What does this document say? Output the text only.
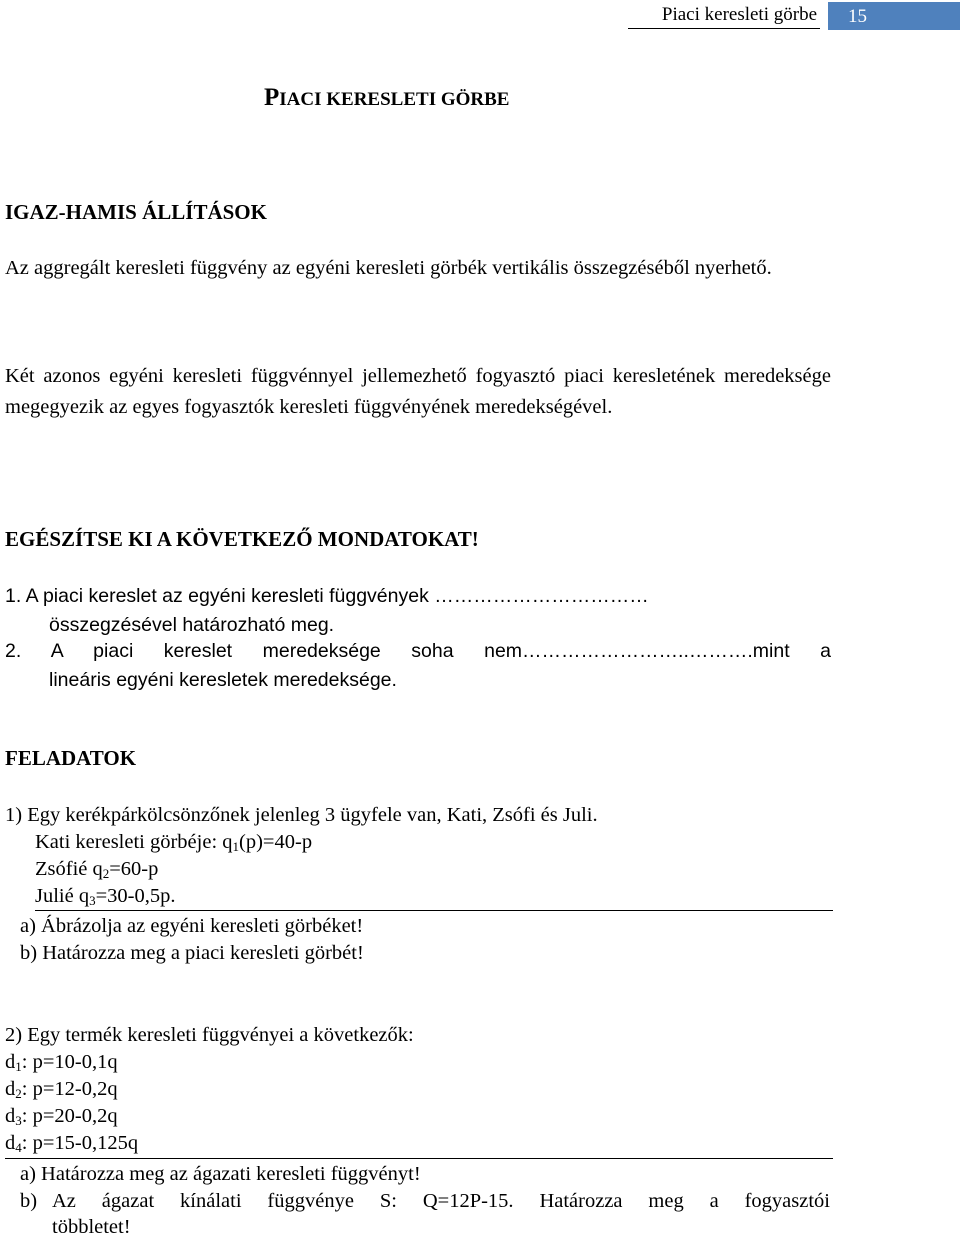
Piaci keresleti görbe	15
PIACI KERESLETI GÖRBE
IGAZ-HAMIS ÁLLÍTÁSOK
Az aggregált keresleti függvény az egyéni keresleti görbék vertikális összegzéséből nyerhető.
Két azonos egyéni keresleti függvénnyel jellemezhető fogyasztó piaci keresletének meredeksége megegyezik az egyes fogyasztók keresleti függvényének meredekségével.
EGÉSZÍTSE KI A KÖVETKEZŐ MONDATOKAT!
1. A piaci kereslet az egyéni keresleti függvények ……………………………
összegzésével határozható meg.
2. A piaci kereslet meredeksége soha nem……………………..……….mint a
lineáris egyéni keresletek meredeksége.
FELADATOK
1) Egy kerékpárkölcsönzőnek jelenleg 3 ügyfele van, Kati, Zsófi és Juli.
Kati keresleti görbéje: $q_1(p)=40-p$
Zsófié $q_2=60-p$
Julié $q_3=30-0,5p$.
a) Ábrázolja az egyéni keresleti görbéket!
b) Határozza meg a piaci keresleti görbét!
2) Egy termék keresleti függvényei a következők:
$d_1$: p=10-0,1q
$d_2$: p=12-0,2q
$d_3$: p=20-0,2q
$d_4$: p=15-0,125q
a) Határozza meg az ágazati keresleti függvényt!
b) Az ágazat kínálati függvénye S: Q=12P-15. Határozza meg a fogyasztói
többletet!
